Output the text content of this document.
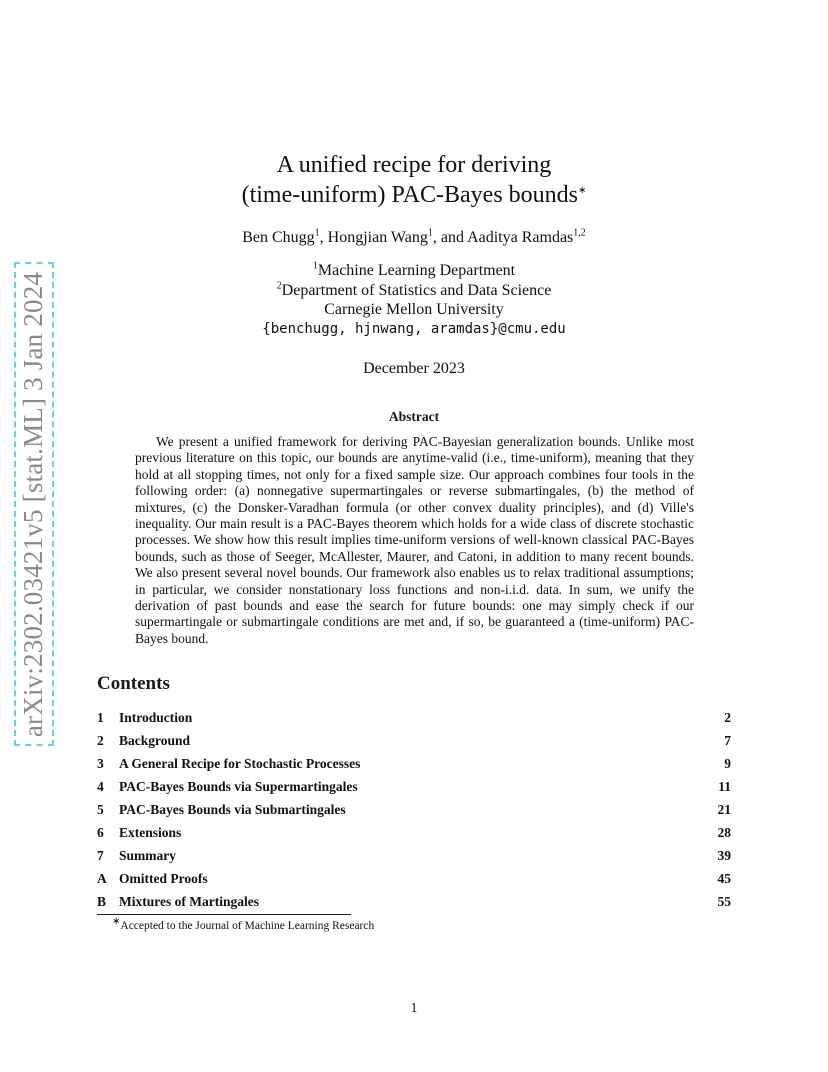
arXiv:2302.03421v5 [stat.ML] 3 Jan 2024
A unified recipe for deriving
(time-uniform) PAC-Bayes bounds∗
Ben Chugg$^1$, Hongjian Wang$^1$, and Aaditya Ramdas$^{1,2}$
$^1$Machine Learning Department
$^2$Department of Statistics and Data Science
Carnegie Mellon University
{benchugg, hjnwang, aramdas}@cmu.edu
December 2023
Abstract
We present a unified framework for deriving PAC-Bayesian generalization bounds. Unlike most previous literature on this topic, our bounds are anytime-valid (i.e., time-uniform), meaning that they hold at all stopping times, not only for a fixed sample size. Our approach combines four tools in the following order: (a) nonnegative supermartingales or reverse submartingales, (b) the method of mixtures, (c) the Donsker-Varadhan formula (or other convex duality principles), and (d) Ville's inequality. Our main result is a PAC-Bayes theorem which holds for a wide class of discrete stochastic processes. We show how this result implies time-uniform versions of well-known classical PAC-Bayes bounds, such as those of Seeger, McAllester, Maurer, and Catoni, in addition to many recent bounds. We also present several novel bounds. Our framework also enables us to relax traditional assumptions; in particular, we consider nonstationary loss functions and non-i.i.d. data. In sum, we unify the derivation of past bounds and ease the search for future bounds: one may simply check if our supermartingale or submartingale conditions are met and, if so, be guaranteed a (time-uniform) PAC-Bayes bound.
Contents
1	Introduction	2
2	Background	7
3	A General Recipe for Stochastic Processes	9
4	PAC-Bayes Bounds via Supermartingales	11
5	PAC-Bayes Bounds via Submartingales	21
6	Extensions	28
7	Summary	39
A Omitted Proofs	45
B Mixtures of Martingales	55
∗Accepted to the Journal of Machine Learning Research
1
